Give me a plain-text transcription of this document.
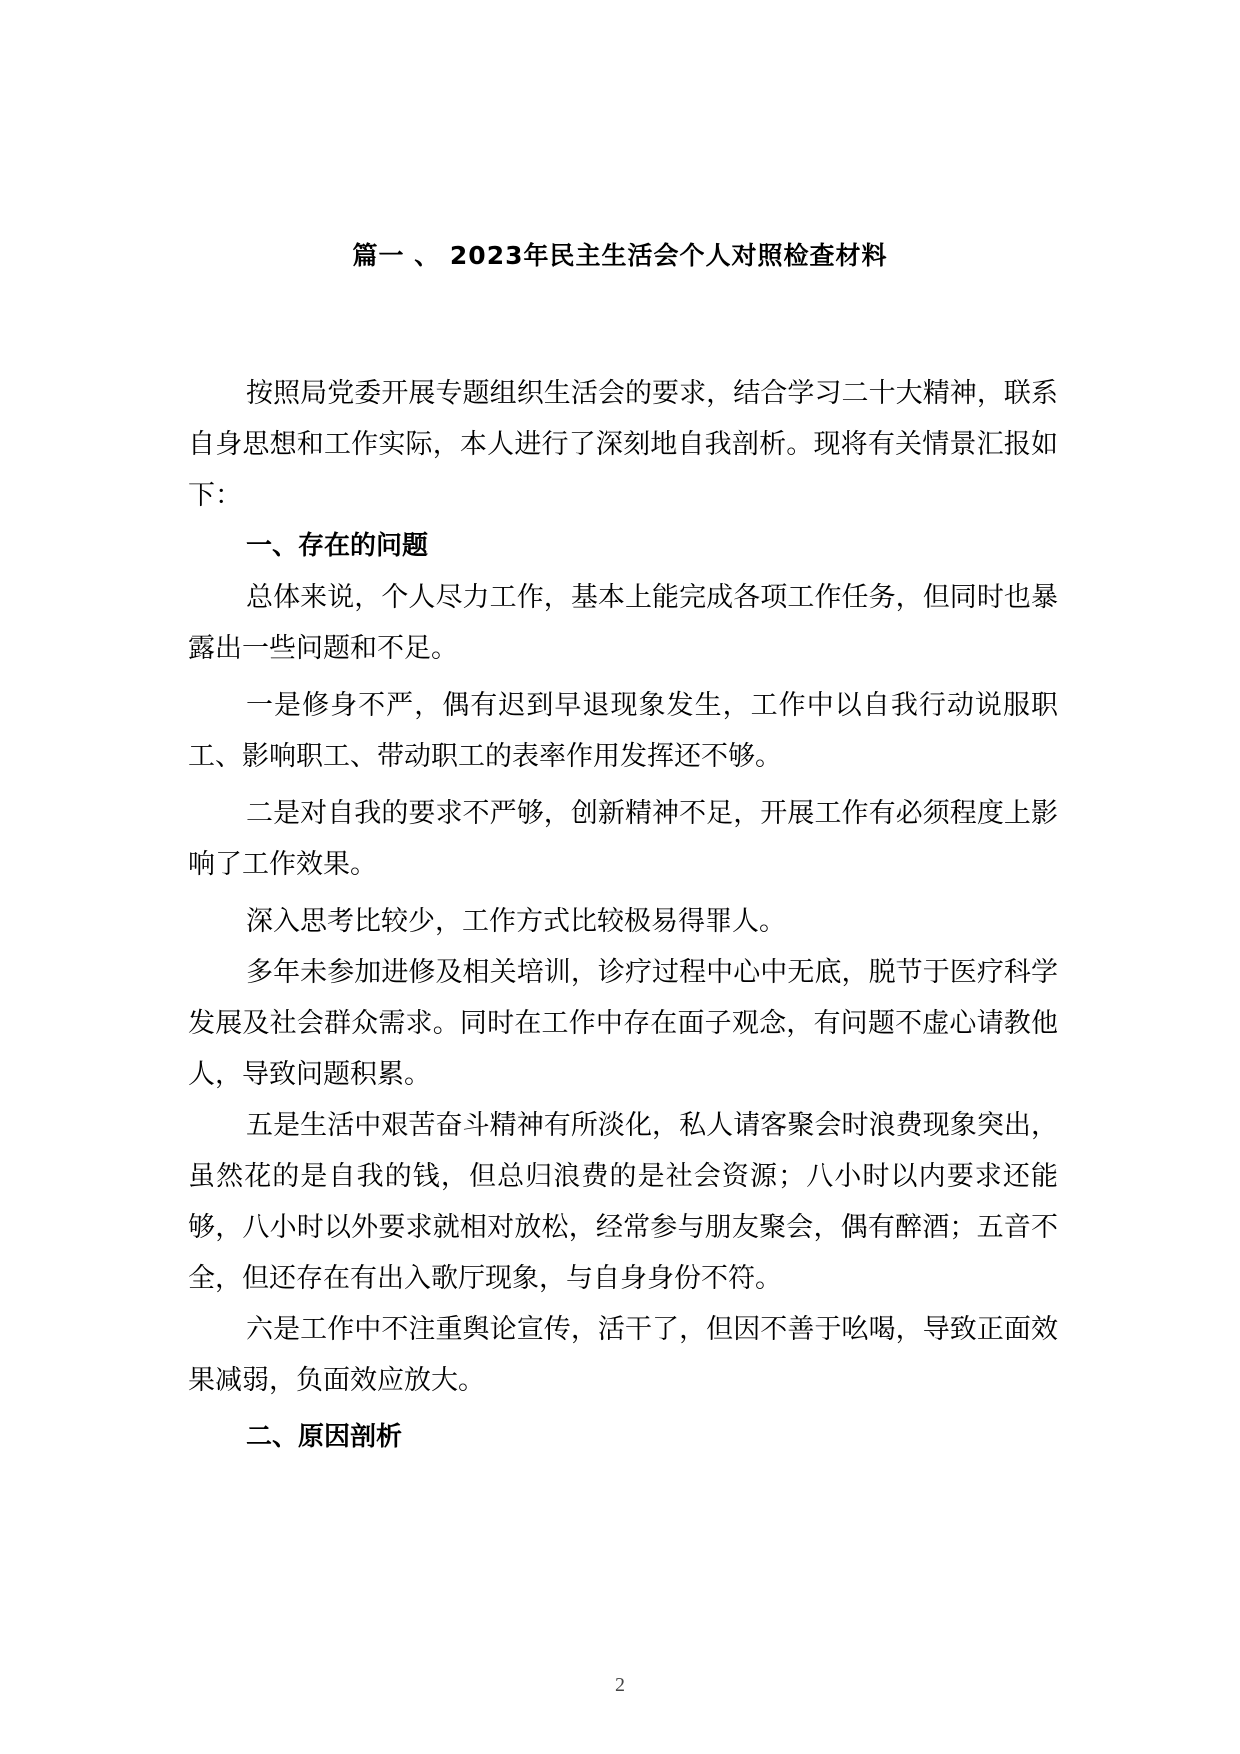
篇一 、 2023年民主生活会个人对照检查材料

按照局党委开展专题组织生活会的要求，结合学习二十大精神，联系自身思想和工作实际，本人进行了深刻地自我剖析。现将有关情景汇报如下：

一、存在的问题

总体来说，个人尽力工作，基本上能完成各项工作任务，但同时也暴露出一些问题和不足。

一是修身不严，偶有迟到早退现象发生，工作中以自我行动说服职工、影响职工、带动职工的表率作用发挥还不够。

二是对自我的要求不严够，创新精神不足，开展工作有必须程度上影响了工作效果。

深入思考比较少，工作方式比较极易得罪人。

多年未参加进修及相关培训，诊疗过程中心中无底，脱节于医疗科学发展及社会群众需求。同时在工作中存在面子观念，有问题不虚心请教他人，导致问题积累。

五是生活中艰苦奋斗精神有所淡化，私人请客聚会时浪费现象突出，虽然花的是自我的钱，但总归浪费的是社会资源；八小时以内要求还能够，八小时以外要求就相对放松，经常参与朋友聚会，偶有醉酒；五音不全，但还存在有出入歌厅现象，与自身身份不符。

六是工作中不注重舆论宣传，活干了，但因不善于吆喝，导致正面效果减弱，负面效应放大。

二、原因剖析

2
